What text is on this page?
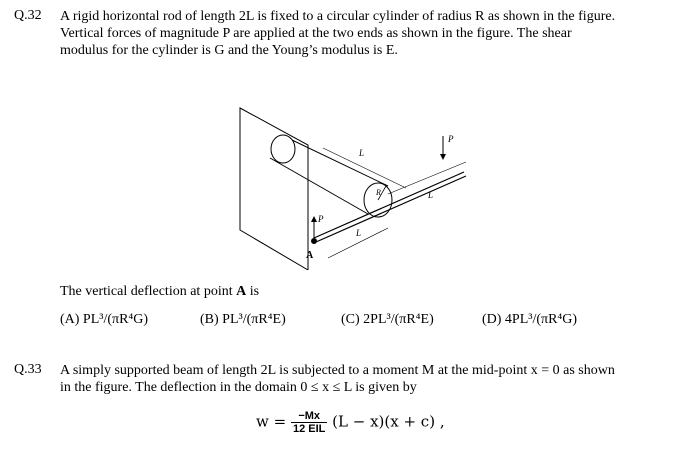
Q.32 A rigid horizontal rod of length 2L is fixed to a circular cylinder of radius R as shown in the figure.
Vertical forces of magnitude P are applied at the two ends as shown in the figure. The shear
modulus for the cylinder is G and the Young’s modulus is E.
R
A
P
P
L
L
L
The vertical deflection at point A is
(A) PL³/(πR⁴G)	(B) PL³/(πR⁴E)	(C) 2PL³/(πR⁴E)	(D) 4PL³/(πR⁴G)
Q.33 A simply supported beam of length 2L is subjected to a moment M at the mid-point x = 0 as shown
in the figure. The deflection in the domain 0 ≤ x ≤ L is given by
$w = \frac{-Mx}{\text{12 EIL}} (L - x)(x + c)$ ,
